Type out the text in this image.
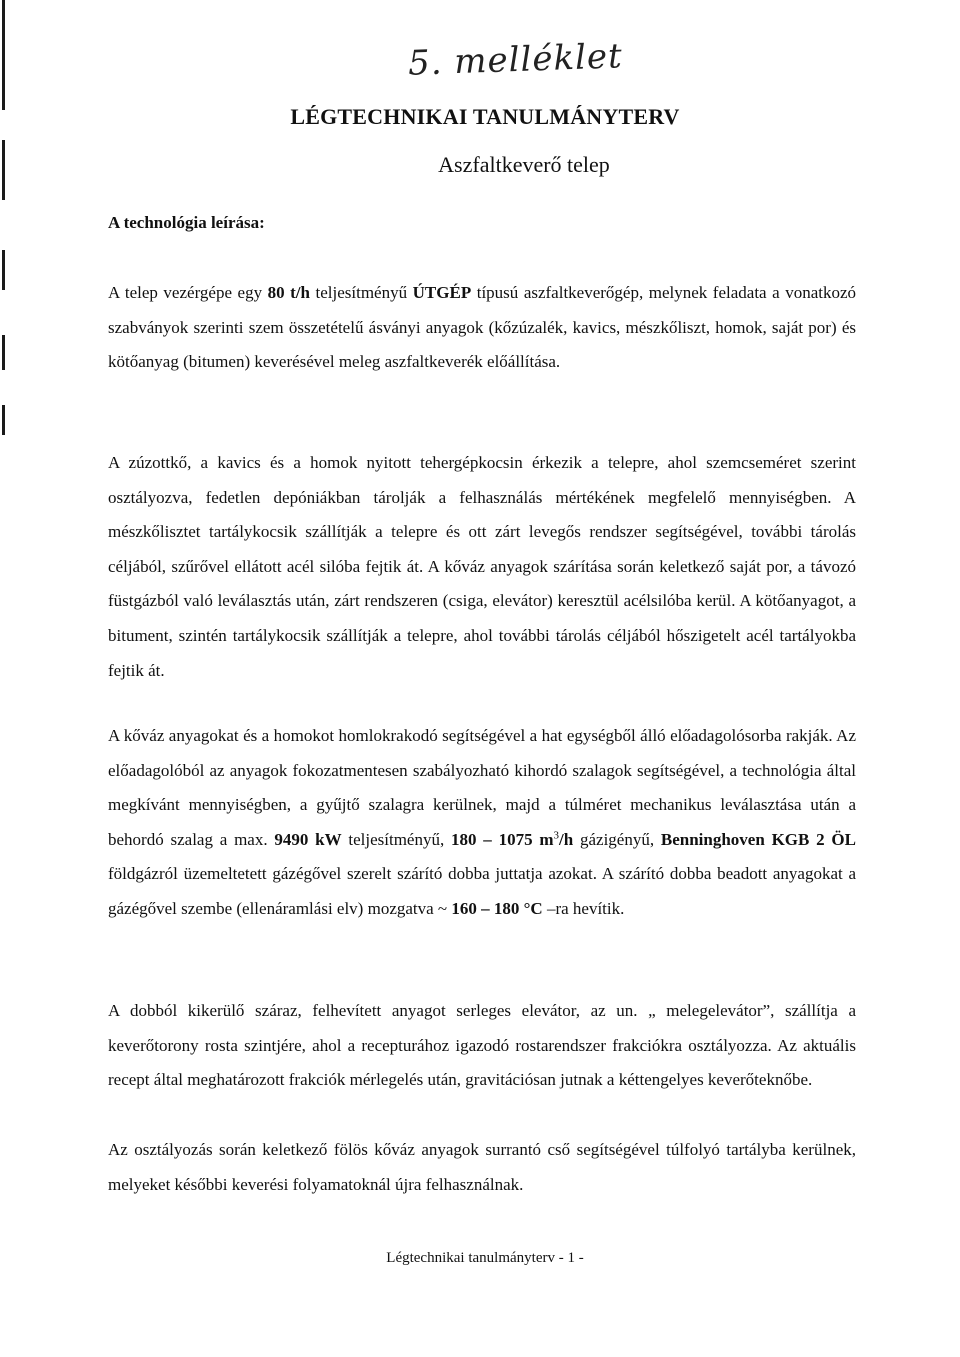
5. melléklet
LÉGTECHNIKAI TANULMÁNYTERV
Aszfaltkeverő telep
A technológia leírása:

A telep vezérgépe egy 80 t/h teljesítményű ÚTGÉP típusú aszfaltkeverőgép, melynek feladata a vonatkozó szabványok szerinti szem összetételű ásványi anyagok (kőzúzalék, kavics, mészkőliszt, homok, saját por) és kötőanyag (bitumen) keverésével meleg aszfaltkeverék előállítása.

A zúzottkő, a kavics és a homok nyitott tehergépkocsin érkezik a telepre, ahol szemcseméret szerint osztályozva, fedetlen depóniákban tárolják a felhasználás mértékének megfelelő mennyiségben. A mészkőlisztet tartálykocsik szállítják a telepre és ott zárt levegős rendszer segítségével, további tárolás céljából, szűrővel ellátott acél silóba fejtik át. A kőváz anyagok szárítása során keletkező saját por, a távozó füstgázból való leválasztás után, zárt rendszeren (csiga, elevátor) keresztül acélsilóba kerül. A kötőanyagot, a bitument, szintén tartálykocsik szállítják a telepre, ahol további tárolás céljából hőszigetelt acél tartályokba fejtik át.

A kőváz anyagokat és a homokot homlokrakodó segítségével a hat egységből álló előadagolósorba rakják. Az előadagolóból az anyagok fokozatmentesen szabályozható kihordó szalagok segítségével, a technológia által megkívánt mennyiségben, a gyűjtő szalagra kerülnek, majd a túlméret mechanikus leválasztása után a behordó szalag a max. 9490 kW teljesítményű, 180 – 1075 $m^3/h$ gázigényű, Benninghoven KGB 2 ÖL földgázról üzemeltetett gázégővel szerelt szárító dobba juttatja azokat. A szárító dobba beadott anyagokat a gázégővel szembe (ellenáramlási elv) mozgatva ~ 160 – 180 °C –ra hevítik.

A dobból kikerülő száraz, felhevített anyagot serleges elevátor, az un. „ melegelevátor”, szállítja a keverőtorony rosta szintjére, ahol a recepturához igazodó rostarendszer frakciókra osztályozza. Az aktuális recept által meghatározott frakciók mérlegelés után, gravitációsan jutnak a kéttengelyes keverőteknőbe.

Az osztályozás során keletkező fölös kőváz anyagok surrantó cső segítségével túlfolyó tartályba kerülnek, melyeket későbbi keverési folyamatoknál újra felhasználnak.

Légtechnikai tanulmányterv - 1 -
